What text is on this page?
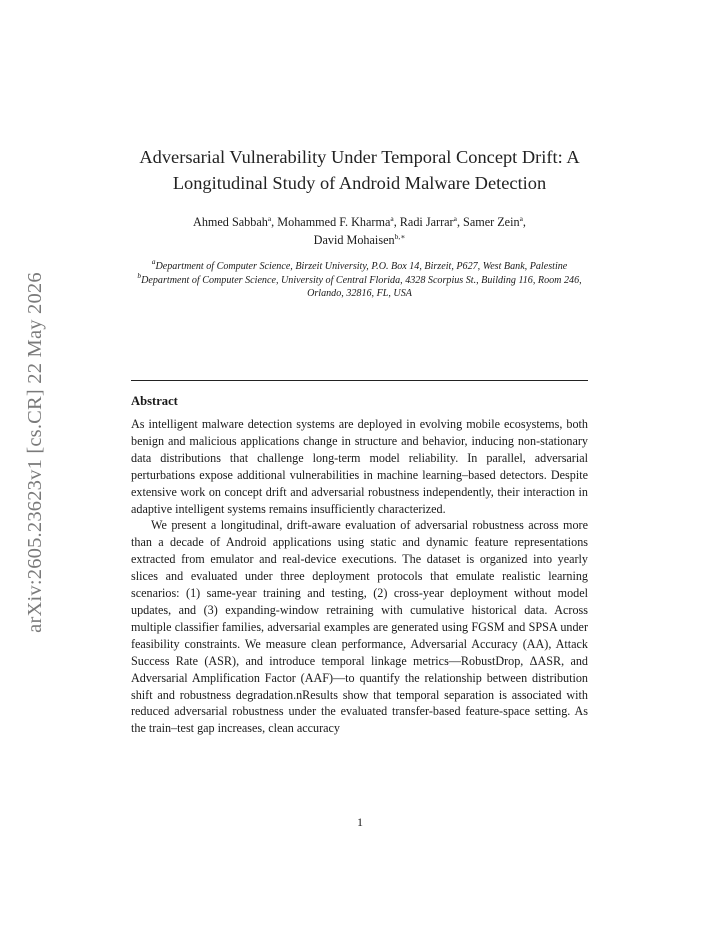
arXiv:2605.23623v1 [cs.CR] 22 May 2026
Adversarial Vulnerability Under Temporal Concept Drift: A Longitudinal Study of Android Malware Detection
Ahmed Sabbah$^a$, Mohammed F. Kharma$^a$, Radi Jarrar$^a$, Samer Zein$^a$,
David Mohaisen$^{b,∗}$
$^a$Department of Computer Science, Birzeit University, P.O. Box 14, Birzeit, P627, West Bank, Palestine
$^b$Department of Computer Science, University of Central Florida, 4328 Scorpius St., Building 116, Room 246, Orlando, 32816, FL, USA
Abstract

As intelligent malware detection systems are deployed in evolving mobile ecosystems, both benign and malicious applications change in structure and behavior, inducing non-stationary data distributions that challenge long-term model reliability. In parallel, adversarial perturbations expose additional vulnerabilities in machine learning–based detectors. Despite extensive work on concept drift and adversarial robustness independently, their interaction in adaptive intelligent systems remains insufficiently characterized.

We present a longitudinal, drift-aware evaluation of adversarial robustness across more than a decade of Android applications using static and dynamic feature representations extracted from emulator and real-device executions. The dataset is organized into yearly slices and evaluated under three deployment protocols that emulate realistic learning scenarios: (1) same-year training and testing, (2) cross-year deployment without model updates, and (3) expanding-window retraining with cumulative historical data. Across multiple classifier families, adversarial examples are generated using FGSM and SPSA under feasibility constraints. We measure clean performance, Adversarial Accuracy (AA), Attack Success Rate (ASR), and introduce temporal linkage metrics—RobustDrop, ΔASR, and Adversarial Amplification Factor (AAF)—to quantify the relationship between distribution shift and robustness degradation.nResults show that temporal separation is associated with reduced adversarial robustness under the evaluated transfer-based feature-space setting. As the train–test gap increases, clean accuracy

1
